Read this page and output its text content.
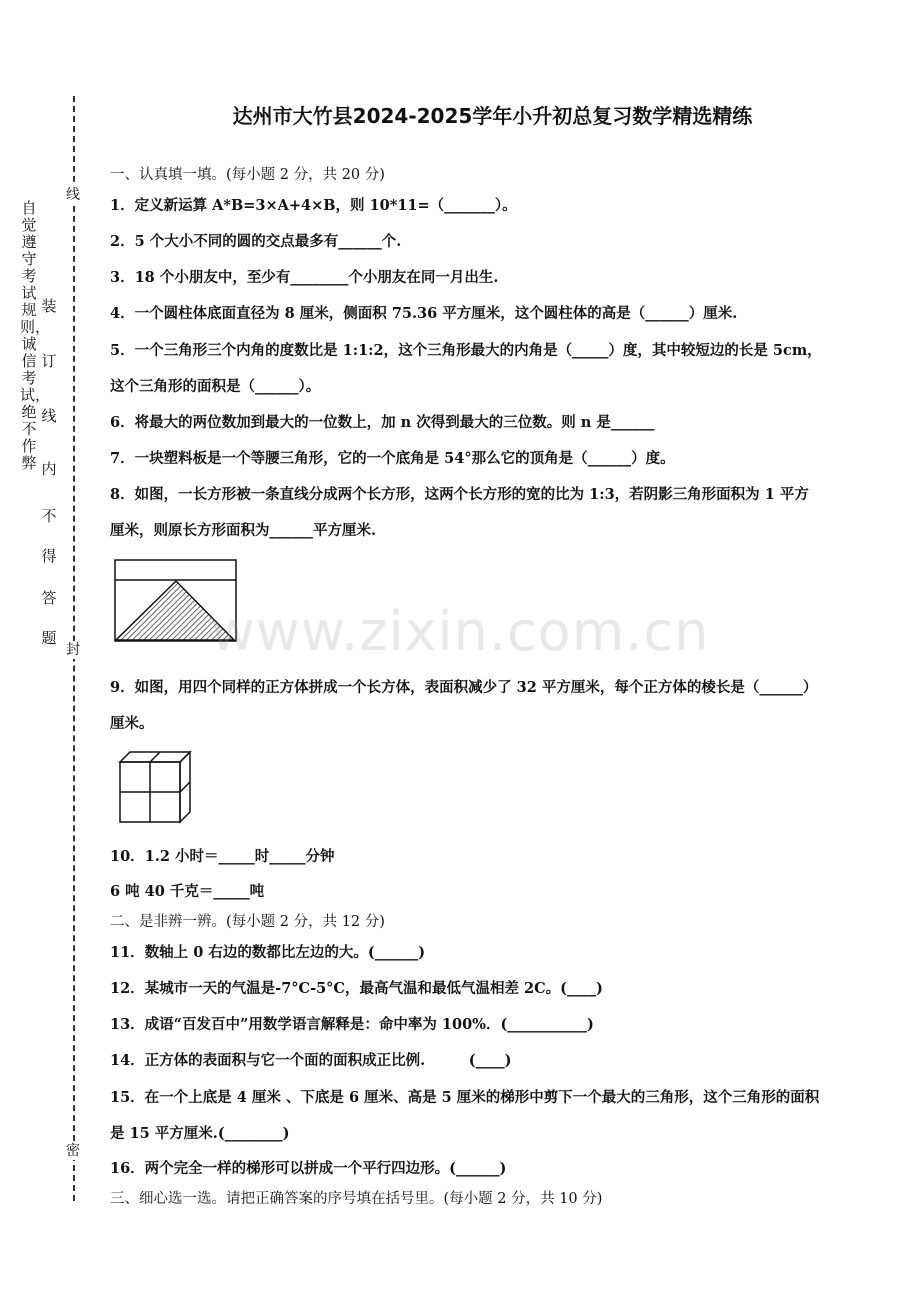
线
封
密
自觉遵守考试规则，诚信考试，绝不作弊
装
订
线
内
不
得
答
题
达州市大竹县2024-2025学年小升初总复习数学精选精练
一、认真填一填。(每小题 2 分，共 20 分)
1．定义新运算 A*B=3×A+4×B，则 10*11=（_______）。
2．5 个大小不同的圆的交点最多有______个.
3．18 个小朋友中，至少有________个小朋友在同一月出生.
4．一个圆柱体底面直径为 8 厘米，侧面积 75.36 平方厘米，这个圆柱体的高是（______）厘米.
5．一个三角形三个内角的度数比是 1:1:2，这个三角形最大的内角是（_____）度，其中较短边的长是 5cm，
这个三角形的面积是（______）。
6．将最大的两位数加到最大的一位数上，加 n 次得到最大的三位数。则 n 是______
7．一块塑料板是一个等腰三角形，它的一个底角是 54°那么它的顶角是（______）度。
8．如图，一长方形被一条直线分成两个长方形，这两个长方形的宽的比为 1:3，若阴影三角形面积为 1 平方
厘米，则原长方形面积为______平方厘米.
www.zixin.com.cn
9．如图，用四个同样的正方体拼成一个长方体，表面积减少了 32 平方厘米，每个正方体的棱长是（______）
厘米。
10．1.2 小时＝_____时_____分钟
6 吨 40 千克＝_____吨
二、是非辨一辨。(每小题 2 分，共 12 分)
11．数轴上 0 右边的数都比左边的大。(______)
12．某城市一天的气温是-7°C-5°C，最高气温和最低气温相差 2C。(____)
13．成语“百发百中”用数学语言解释是：命中率为 100%．(___________)
14．正方体的表面积与它一个面的面积成正比例.　　　(____)
15．在一个上底是 4 厘米 、下底是 6 厘米、高是 5 厘米的梯形中剪下一个最大的三角形，这个三角形的面积
是 15 平方厘米.(________)
16．两个完全一样的梯形可以拼成一个平行四边形。(______)
三、细心选一选。请把正确答案的序号填在括号里。(每小题 2 分，共 10 分)
